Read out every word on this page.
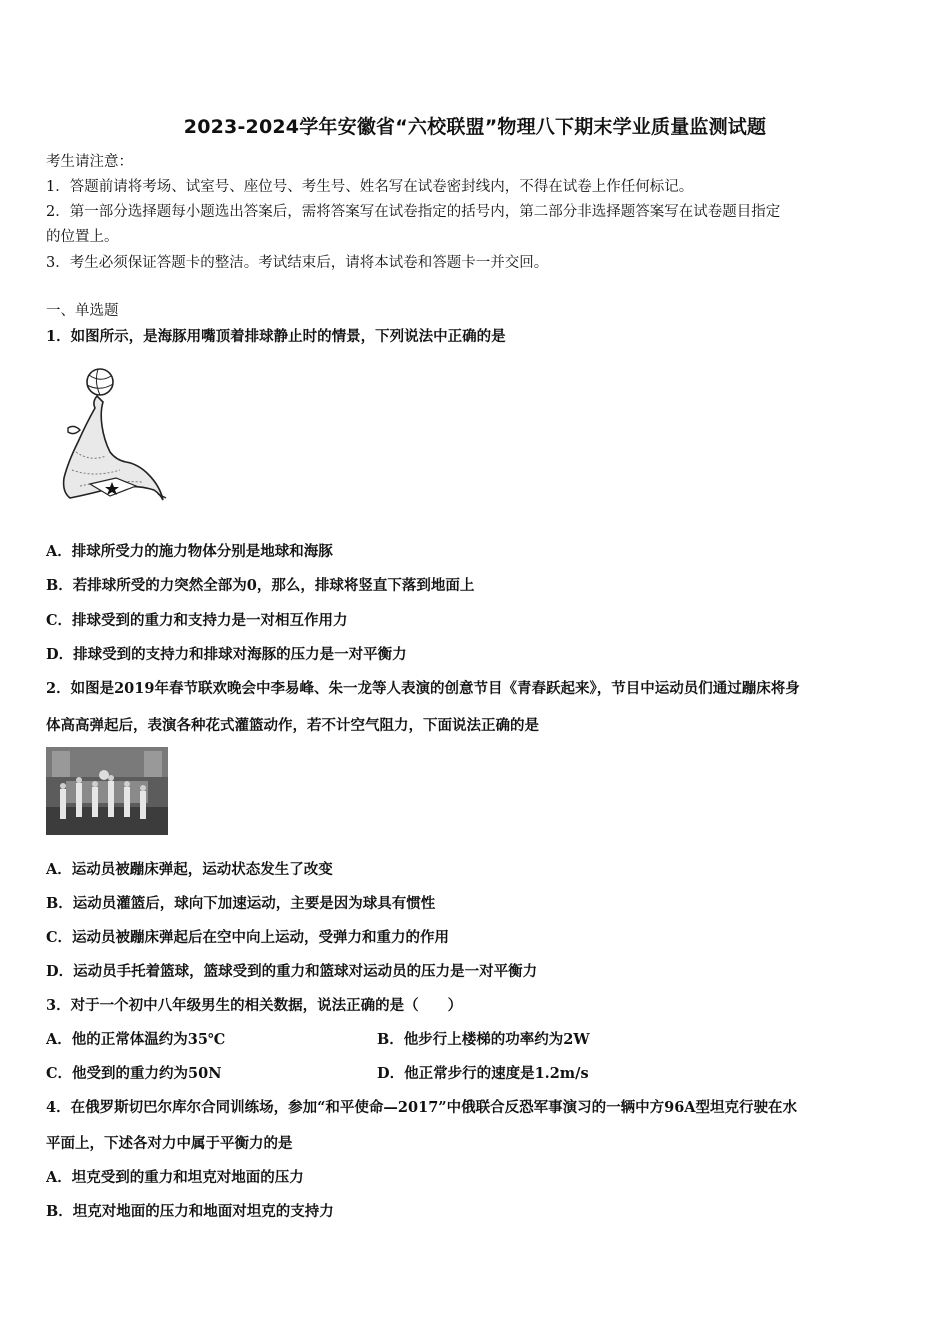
2023-2024学年安徽省“六校联盟”物理八下期末学业质量监测试题
考生请注意：
1．答题前请将考场、试室号、座位号、考生号、姓名写在试卷密封线内，不得在试卷上作任何标记。
2．第一部分选择题每小题选出答案后，需将答案写在试卷指定的括号内，第二部分非选择题答案写在试卷题目指定
的位置上。
3．考生必须保证答题卡的整洁。考试结束后，请将本试卷和答题卡一并交回。
一、单选题
1．如图所示，是海豚用嘴顶着排球静止时的情景，下列说法中正确的是
A．排球所受力的施力物体分别是地球和海豚
B．若排球所受的力突然全部为0，那么，排球将竖直下落到地面上
C．排球受到的重力和支持力是一对相互作用力
D．排球受到的支持力和排球对海豚的压力是一对平衡力
2．如图是2019年春节联欢晚会中李易峰、朱一龙等人表演的创意节目《青春跃起来》，节目中运动员们通过蹦床将身
体高高弹起后，表演各种花式灌篮动作，若不计空气阻力，下面说法正确的是
A．运动员被蹦床弹起，运动状态发生了改变
B．运动员灌篮后，球向下加速运动，主要是因为球具有惯性
C．运动员被蹦床弹起后在空中向上运动，受弹力和重力的作用
D．运动员手托着篮球，篮球受到的重力和篮球对运动员的压力是一对平衡力
3．对于一个初中八年级男生的相关数据，说法正确的是（　　）
A．他的正常体温约为35℃	B．他步行上楼梯的功率约为2W
C．他受到的重力约为50N	D．他正常步行的速度是1.2m/s
4．在俄罗斯切巴尔库尔合同训练场，参加“和平使命—2017”中俄联合反恐军事演习的一辆中方96A型坦克行驶在水
平面上，下述各对力中属于平衡力的是
A．坦克受到的重力和坦克对地面的压力
B．坦克对地面的压力和地面对坦克的支持力
